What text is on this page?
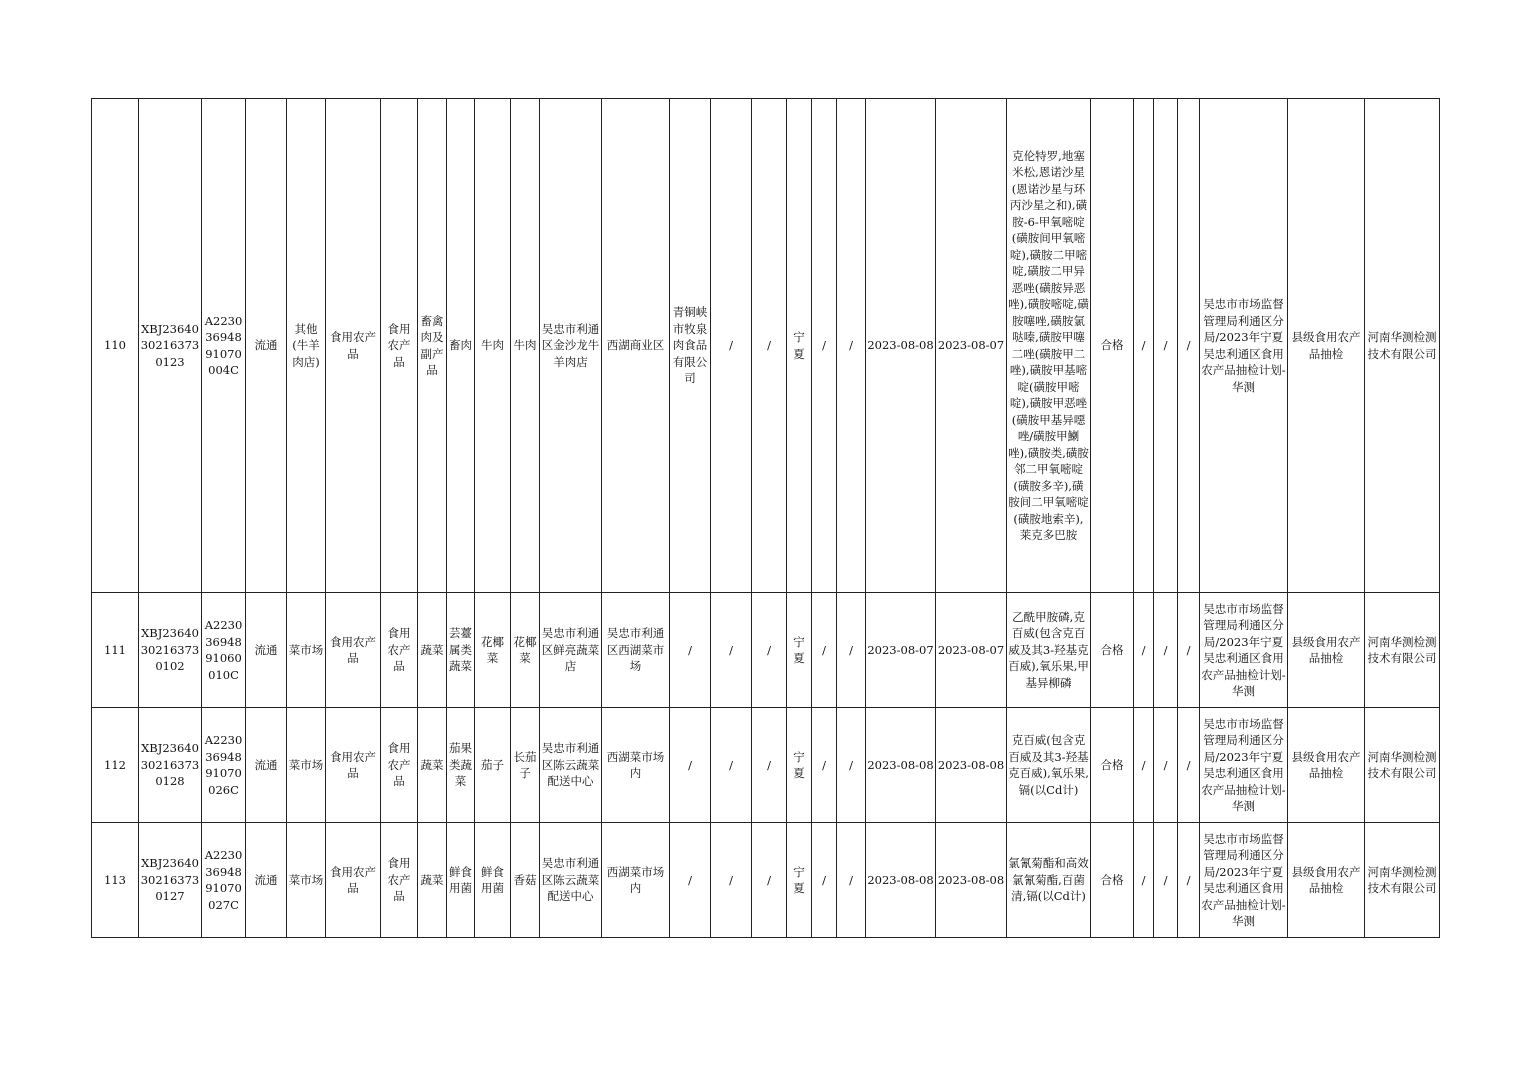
110	XBJ23640302163730123	A22303694891070004C	流通	其他(牛羊肉店)	食用农产品	食用农产品	畜禽肉及副产品	畜肉	牛肉	牛肉	吴忠市利通区金沙龙牛羊肉店	西湖商业区	青铜峡市牧泉肉食品有限公司	/	/	宁夏	/	/	2023-08-08	2023-08-07	克伦特罗,地塞米松,恩诺沙星(恩诺沙星与环丙沙星之和),磺胺-6-甲氧嘧啶(磺胺间甲氧嘧啶),磺胺二甲嘧啶,磺胺二甲异恶唑(磺胺异恶唑),磺胺嘧啶,磺胺噻唑,磺胺氯哒嗪,磺胺甲噻二唑(磺胺甲二唑),磺胺甲基嘧啶(磺胺甲嘧啶),磺胺甲恶唑(磺胺甲基异噁唑/磺胺甲鯻唑),磺胺类,磺胺邻二甲氧嘧啶(磺胺多辛),磺胺间二甲氧嘧啶(磺胺地索辛),莱克多巴胺	合格	/	/	/	吴忠市市场监督管理局利通区分局/2023年宁夏吴忠利通区食用农产品抽检计划-华测	县级食用农产品抽检	河南华测检测技术有限公司
111	XBJ23640302163730102	A22303694891060010C	流通	菜市场	食用农产品	食用农产品	蔬菜	芸薹属类蔬菜	花椰菜	花椰菜	吴忠市利通区鲜亮蔬菜店	吴忠市利通区西湖菜市场	/	/	/	宁夏	/	/	2023-08-07	2023-08-07	乙酰甲胺磷,克百威(包含克百威及其3-羟基克百威),氧乐果,甲基异柳磷	合格	/	/	/	吴忠市市场监督管理局利通区分局/2023年宁夏吴忠利通区食用农产品抽检计划-华测	县级食用农产品抽检	河南华测检测技术有限公司
112	XBJ23640302163730128	A22303694891070026C	流通	菜市场	食用农产品	食用农产品	蔬菜	茄果类蔬菜	茄子	长茄子	吴忠市利通区陈云蔬菜配送中心	西湖菜市场内	/	/	/	宁夏	/	/	2023-08-08	2023-08-08	克百威(包含克百威及其3-羟基克百威),氧乐果,镉(以Cd计)	合格	/	/	/	吴忠市市场监督管理局利通区分局/2023年宁夏吴忠利通区食用农产品抽检计划-华测	县级食用农产品抽检	河南华测检测技术有限公司
113	XBJ23640302163730127	A22303694891070027C	流通	菜市场	食用农产品	食用农产品	蔬菜	鲜食用菌	鲜食用菌	香菇	吴忠市利通区陈云蔬菜配送中心	西湖菜市场内	/	/	/	宁夏	/	/	2023-08-08	2023-08-08	氯氰菊酯和高效氯氰菊酯,百菌清,镉(以Cd计)	合格	/	/	/	吴忠市市场监督管理局利通区分局/2023年宁夏吴忠利通区食用农产品抽检计划-华测	县级食用农产品抽检	河南华测检测技术有限公司
